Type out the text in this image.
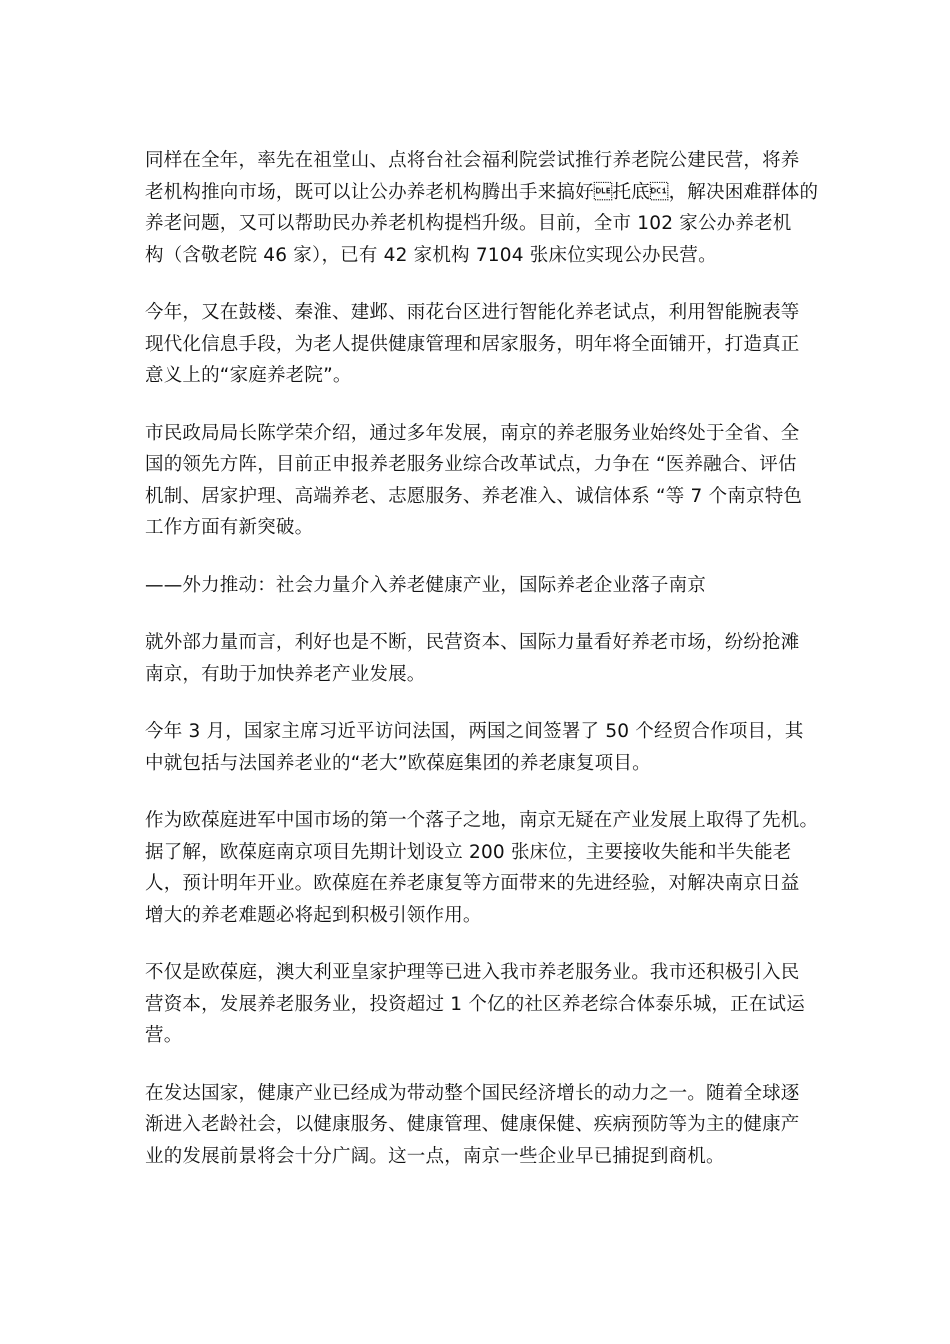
同样在全年，率先在祖堂山、点将台社会福利院尝试推行养老院公建民营，将养
老机构推向市场，既可以让公办养老机构腾出手来搞好托底，解决困难群体的
养老问题，又可以帮助民办养老机构提档升级。目前，全市 102 家公办养老机
构（含敬老院 46 家），已有 42 家机构 7104 张床位实现公办民营。

今年，又在鼓楼、秦淮、建邺、雨花台区进行智能化养老试点，利用智能腕表等
现代化信息手段，为老人提供健康管理和居家服务，明年将全面铺开，打造真正
意义上的“家庭养老院”。

市民政局局长陈学荣介绍，通过多年发展，南京的养老服务业始终处于全省、全
国的领先方阵，目前正申报养老服务业综合改革试点，力争在 “医养融合、评估
机制、居家护理、高端养老、志愿服务、养老准入、诚信体系 “等 7 个南京特色
工作方面有新突破。

——外力推动：社会力量介入养老健康产业，国际养老企业落子南京

就外部力量而言，利好也是不断，民营资本、国际力量看好养老市场，纷纷抢滩
南京，有助于加快养老产业发展。

今年 3 月，国家主席习近平访问法国，两国之间签署了 50 个经贸合作项目，其
中就包括与法国养老业的“老大”欧葆庭集团的养老康复项目。

作为欧葆庭进军中国市场的第一个落子之地，南京无疑在产业发展上取得了先机。
据了解，欧葆庭南京项目先期计划设立 200 张床位，主要接收失能和半失能老
人，预计明年开业。欧葆庭在养老康复等方面带来的先进经验，对解决南京日益
增大的养老难题必将起到积极引领作用。

不仅是欧葆庭，澳大利亚皇家护理等已进入我市养老服务业。我市还积极引入民
营资本，发展养老服务业，投资超过 1 个亿的社区养老综合体泰乐城，正在试运
营。

在发达国家，健康产业已经成为带动整个国民经济增长的动力之一。随着全球逐
渐进入老龄社会，以健康服务、健康管理、健康保健、疾病预防等为主的健康产
业的发展前景将会十分广阔。这一点，南京一些企业早已捕捉到商机。
